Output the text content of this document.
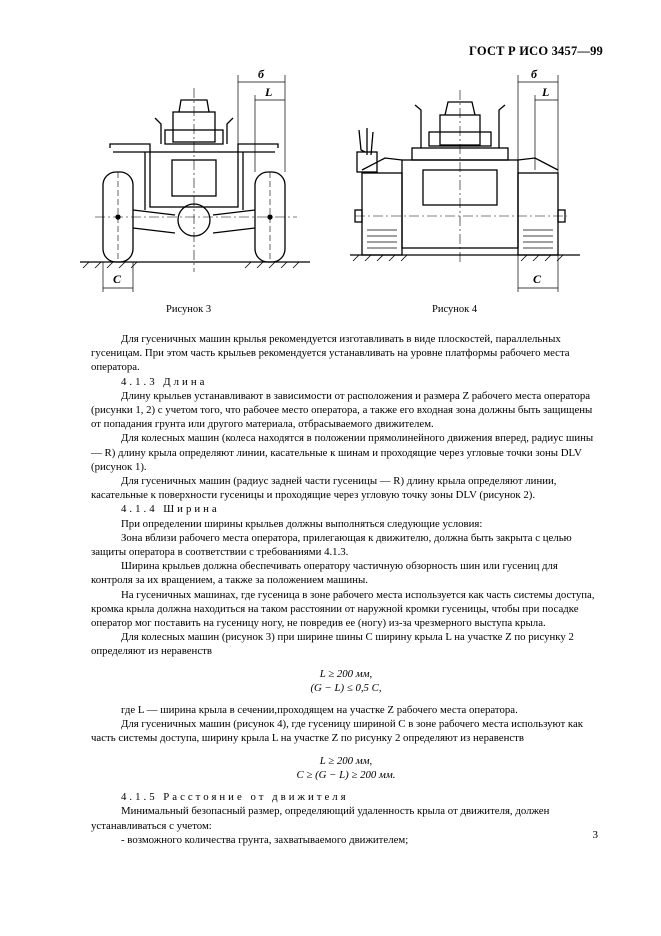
ГОСТ Р ИСО 3457—99
б
L
C
б
L
C
Рисунок 3	Рисунок 4

Для гусеничных машин крылья рекомендуется изготавливать в виде плоскостей, параллельных гусеницам. При этом часть крыльев рекомендуется устанавливать на уровне платформы рабочего места оператора.

4.1.3 Длина

Длину крыльев устанавливают в зависимости от расположения и размера Z рабочего места оператора (рисунки 1, 2) с учетом того, что рабочее место оператора, а также его входная зона должны быть защищены от попадания грунта или другого материала, отбрасываемого движителем.

Для колесных машин (колеса находятся в положении прямолинейного движения вперед, радиус шины — R) длину крыла определяют линии, касательные к шинам и проходящие через угловые точки зоны DLV (рисунок 1).

Для гусеничных машин (радиус задней части гусеницы — R) длину крыла определяют линии, касательные к поверхности гусеницы и проходящие через угловую точку зоны DLV (рисунок 2).

4.1.4 Ширина

При определении ширины крыльев должны выполняться следующие условия:

Зона вблизи рабочего места оператора, прилегающая к движителю, должна быть закрыта с целью защиты оператора в соответствии с требованиями 4.1.3.

Ширина крыльев должна обеспечивать оператору частичную обзорность шин или гусениц для контроля за их вращением, а также за положением машины.

На гусеничных машинах, где гусеница в зоне рабочего места используется как часть системы доступа, кромка крыла должна находиться на таком расстоянии от наружной кромки гусеницы, чтобы при посадке оператор мог поставить на гусеницу ногу, не повредив ее (ногу) из-за чрезмерного выступа крыла.

Для колесных машин (рисунок 3) при ширине шины C ширину крыла L на участке Z по рисунку 2 определяют из неравенств

L ≥ 200 мм,

(G − L) ≤ 0,5 C,

где L — ширина крыла в сечении,проходящем на участке Z рабочего места оператора.

Для гусеничных машин (рисунок 4), где гусеницу шириной C в зоне рабочего места используют как часть системы доступа, ширину крыла L на участке Z по рисунку 2 определяют из неравенств

L ≥ 200 мм,

C ≥ (G − L) ≥ 200 мм.

4.1.5 Расстояние от движителя

Минимальный безопасный размер, определяющий удаленность крыла от движителя, должен устанавливаться с учетом:

- возможного количества грунта, захватываемого движителем;	3
